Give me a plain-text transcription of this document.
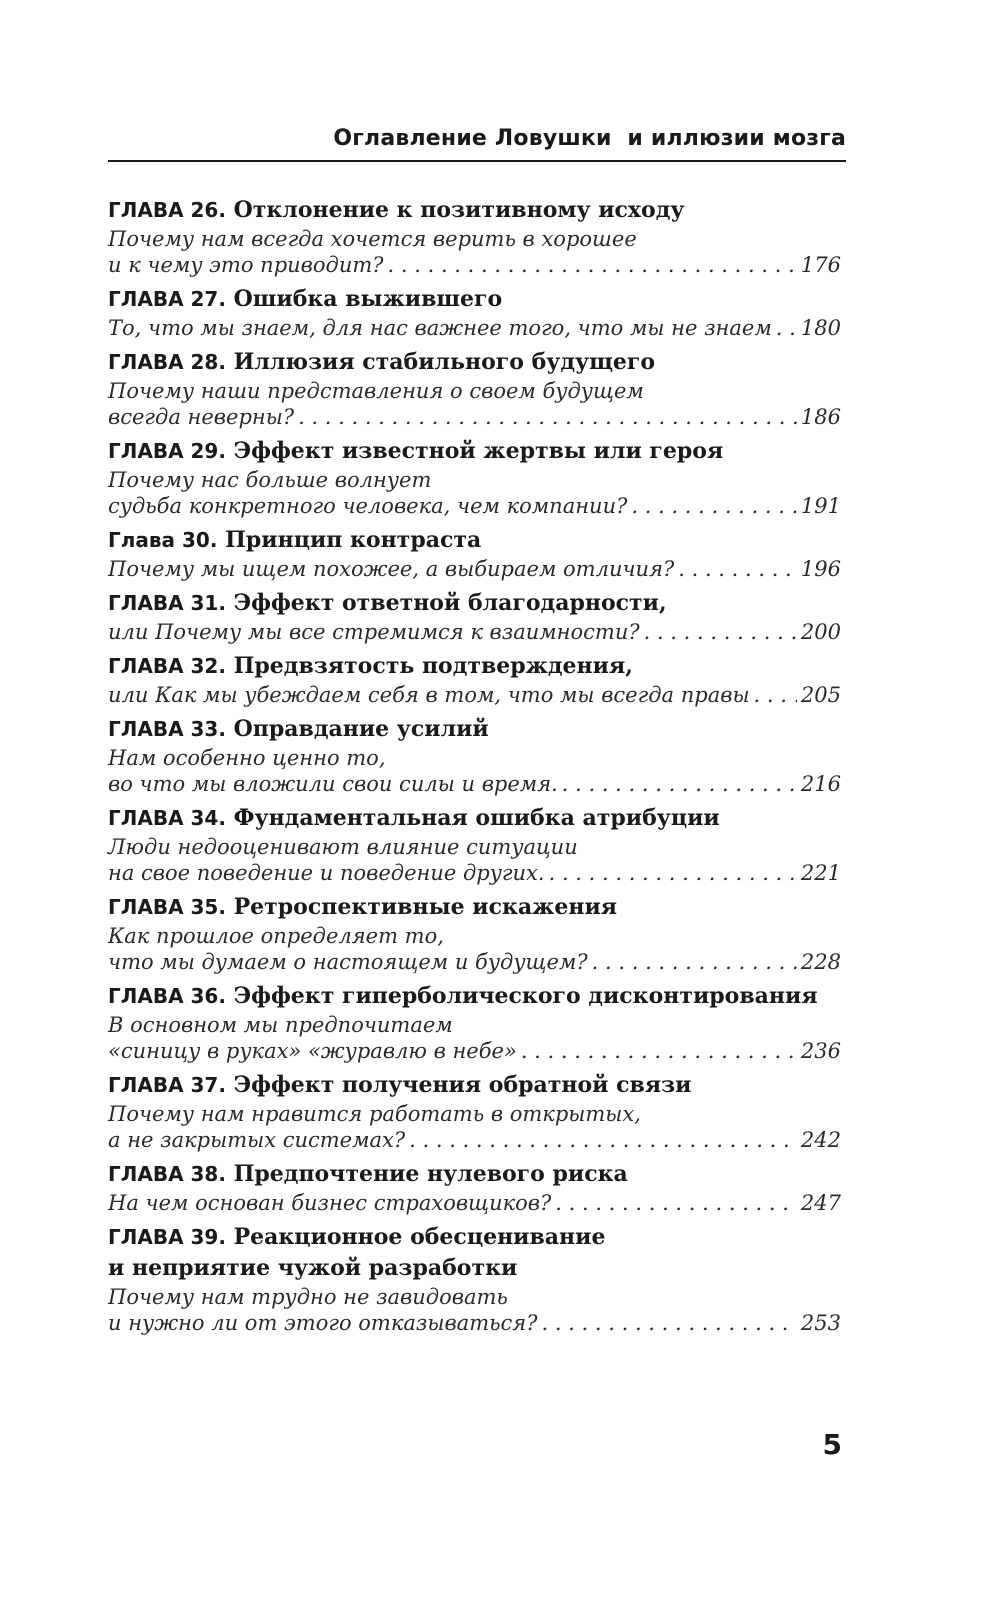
Оглавление Ловушки  и иллюзии мозга
ГЛАВА 26. Отклонение к позитивному исходу
Почему нам всегда хочется верить в хорошее
и к чему это приводит? . . .	176
ГЛАВА 27. Ошибка выжившего
То, что мы знаем, для нас важнее того, что мы не знаем . . . 180
ГЛАВА 28. Иллюзия стабильного будущего
Почему наши представления о своем будущем
всегда неверны? . . .	186
ГЛАВА 29. Эффект известной жертвы или героя
Почему нас больше волнует
судьба конкретного человека, чем компании? . . .	191
Глава 30. Принцип контраста
Почему мы ищем похожее, а выбираем отличия? . . .	196
ГЛАВА 31. Эффект ответной благодарности,
или Почему мы все стремимся к взаимности? . . .	200
ГЛАВА 32. Предвзятость подтверждения,
или Как мы убеждаем себя в том, что мы всегда правы . . . 205
ГЛАВА 33. Оправдание усилий
Нам особенно ценно то,
во что мы вложили свои силы и время. . . .	216
ГЛАВА 34. Фундаментальная ошибка атрибуции
Люди недооценивают влияние ситуации
на свое поведение и поведение других. . . .	221
ГЛАВА 35. Ретроспективные искажения
Как прошлое определяет то,
что мы думаем о настоящем и будущем? . . .	228
ГЛАВА 36. Эффект гиперболического дисконтирования
В основном мы предпочитаем
«синицу в руках» «журавлю в небе» . . .	236
ГЛАВА 37. Эффект получения обратной связи
Почему нам нравится работать в открытых,
а не закрытых системах? . . .	242
ГЛАВА 38. Предпочтение нулевого риска
На чем основан бизнес страховщиков? . . .	247
ГЛАВА 39. Реакционное обесценивание
и неприятие чужой разработки
Почему нам трудно не завидовать
и нужно ли от этого отказываться? . . .	253
5
